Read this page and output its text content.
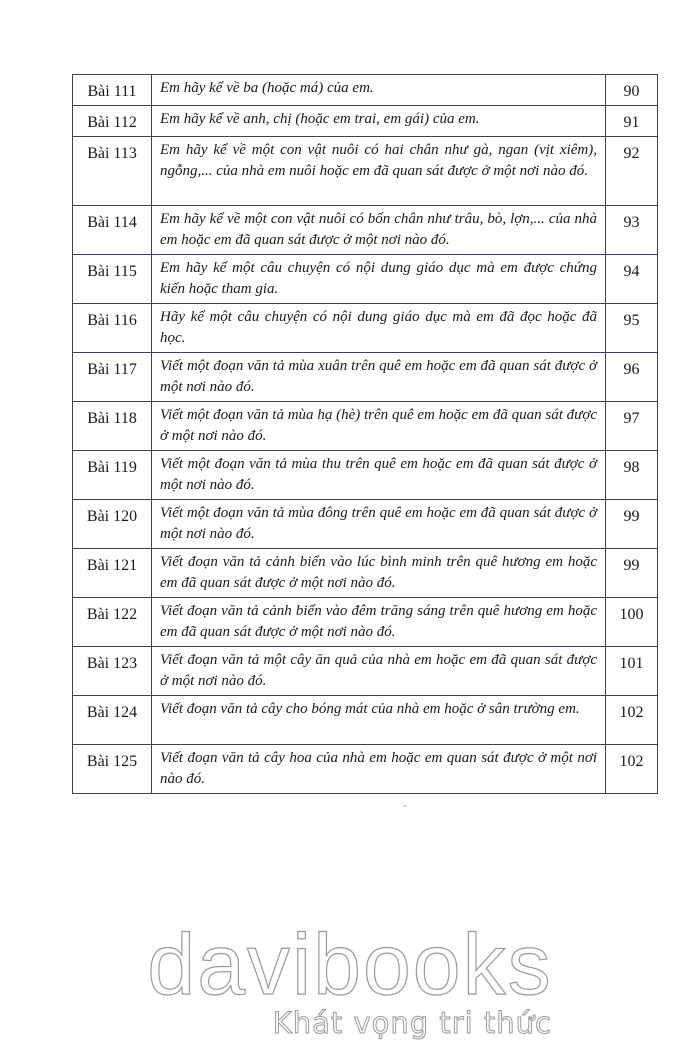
Bài 111	Em hãy kể về ba (hoặc má) của em.	90
Bài 112	Em hãy kể về anh, chị (hoặc em trai, em gái) của em.	91
Bài 113	Em hãy kể về một con vật nuôi có hai chân như gà, ngan (vịt xiêm), ngỗng,... của nhà em nuôi hoặc em đã quan sát được ở một nơi nào đó.	92
Bài 114	Em hãy kể về một con vật nuôi có bốn chân như trâu, bò, lợn,... của nhà em hoặc em đã quan sát được ở một nơi nào đó.	93
Bài 115	Em hãy kể một câu chuyện có nội dung giáo dục mà em được chứng kiến hoặc tham gia.	94
Bài 116	Hãy kể một câu chuyện có nội dung giáo dục mà em đã đọc hoặc đã học.	95
Bài 117	Viết một đoạn văn tả mùa xuân trên quê em hoặc em đã quan sát được ở một nơi nào đó.	96
Bài 118	Viết một đoạn văn tả mùa hạ (hè) trên quê em hoặc em đã quan sát được ở một nơi nào đó.	97
Bài 119	Viết một đoạn văn tả mùa thu trên quê em hoặc em đã quan sát được ở một nơi nào đó.	98
Bài 120	Viết một đoạn văn tả mùa đông trên quê em hoặc em đã quan sát được ở một nơi nào đó.	99
Bài 121	Viết đoạn văn tả cảnh biển vào lúc bình minh trên quê hương em hoặc em đã quan sát được ở một nơi nào đó.	99
Bài 122	Viết đoạn văn tả cảnh biển vào đêm trăng sáng trên quê hương em hoặc em đã quan sát được ở một nơi nào đó.	100
Bài 123	Viết đoạn văn tả một cây ăn quả của nhà em hoặc em đã quan sát được ở một nơi nào đó.	101
Bài 124	Viết đoạn văn tả cây cho bóng mát của nhà em hoặc ở sân trường em.	102
Bài 125	Viết đoạn văn tả cây hoa của nhà em hoặc em quan sát được ở một nơi nào đó.	102
davibooks
Khát vọng tri thức
